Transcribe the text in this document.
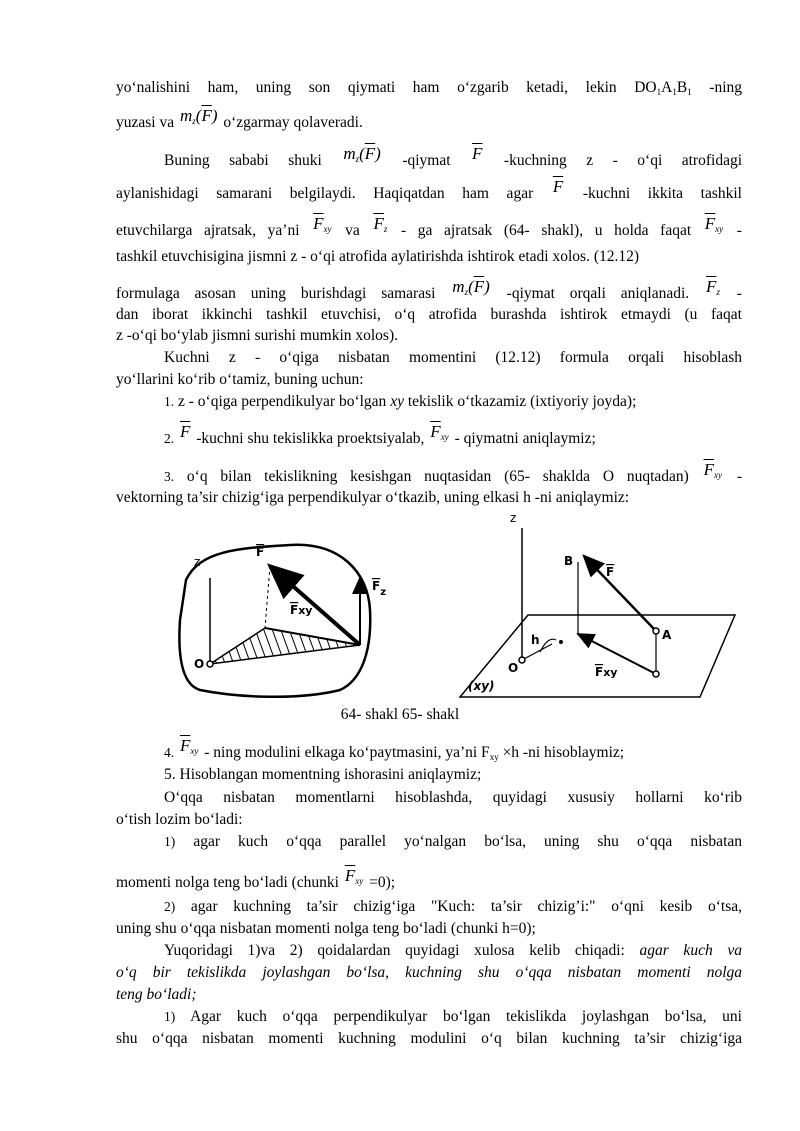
yo‘nalishini ham, uning son qiymati ham o‘zgarib ketadi, lekin $DO_1A_1B_1$ -ning
yuzasi va $m_z(\overline{F})$ o‘zgarmay qolaveradi.
Buning sababi shuki $m_z(\overline{F})$ -qiymat $\overline{F}$ -kuchning z - o‘qi atrofidagi
aylanishidagi samarani belgilaydi. Haqiqatdan ham agar $\overline{F}$ -kuchni ikkita tashkil
etuvchilarga ajratsak, ya’ni $\overline{F}_{xy}$ va $\overline{F}_z$ - ga ajratsak (64- shakl), u holda faqat $\overline{F}_{xy}$ -
tashkil etuvchisigina jismni z - o‘qi atrofida aylatirishda ishtirok etadi xolos. (12.12)
formulaga asosan uning burishdagi samarasi $m_z(\overline{F})$ -qiymat orqali aniqlanadi. $\overline{F}_z$ -
dan iborat ikkinchi tashkil etuvchisi, o‘q atrofida burashda ishtirok etmaydi (u faqat
z -o‘qi bo‘ylab jismni surishi mumkin xolos).
Kuchni z - o‘qiga nisbatan momentini (12.12) formula orqali hisoblash
yo‘llarini ko‘rib o‘tamiz, buning uchun:
1. z - o‘qiga perpendikulyar bo‘lgan xy tekislik o‘tkazamiz (ixtiyoriy joyda);
2. $\overline{F}$ -kuchni shu tekislikka proektsiyalab, $\overline{F}_{xy}$ - qiymatni aniqlaymiz;
3. o‘q bilan tekislikning kesishgan nuqtasidan (65- shaklda O nuqtadan) $\overline{F}_{xy}$ -
vektorning ta’sir chizig‘iga perpendikulyar o‘tkazib, uning elkasi h -ni aniqlaymiz:
z
F
$F_z$
Fxy
O
z
B
F
A
h
O	Fxy
(xy)
64- shakl 65- shakl
4. $\overline{F}_{xy}$ - ning modulini elkaga ko‘paytmasini, ya’ni $F_{xy} \times h$ -ni hisoblaymiz;
5. Hisoblangan momentning ishorasini aniqlaymiz;
O‘qqa nisbatan momentlarni hisoblashda, quyidagi xususiy hollarni ko‘rib
o‘tish lozim bo‘ladi:
1) agar kuch o‘qqa parallel yo‘nalgan bo‘lsa, uning shu o‘qqa nisbatan
momenti nolga teng bo‘ladi (chunki $\overline{F}_{xy} =0$);
2) agar kuchning ta’sir chizig‘iga "Kuch: ta’sir chizig’i:" o‘qni kesib o‘tsa,
uning shu o‘qqa nisbatan momenti nolga teng bo‘ladi (chunki h=0);
Yuqoridagi 1)va 2) qoidalardan quyidagi xulosa kelib chiqadi: agar kuch va
o‘q bir tekislikda joylashgan bo‘lsa, kuchning shu o‘qqa nisbatan momenti nolga
teng bo‘ladi;
1) Agar kuch o‘qqa perpendikulyar bo‘lgan tekislikda joylashgan bo‘lsa, uni
shu o‘qqa nisbatan momenti kuchning modulini o‘q bilan kuchning ta’sir chizig‘iga
